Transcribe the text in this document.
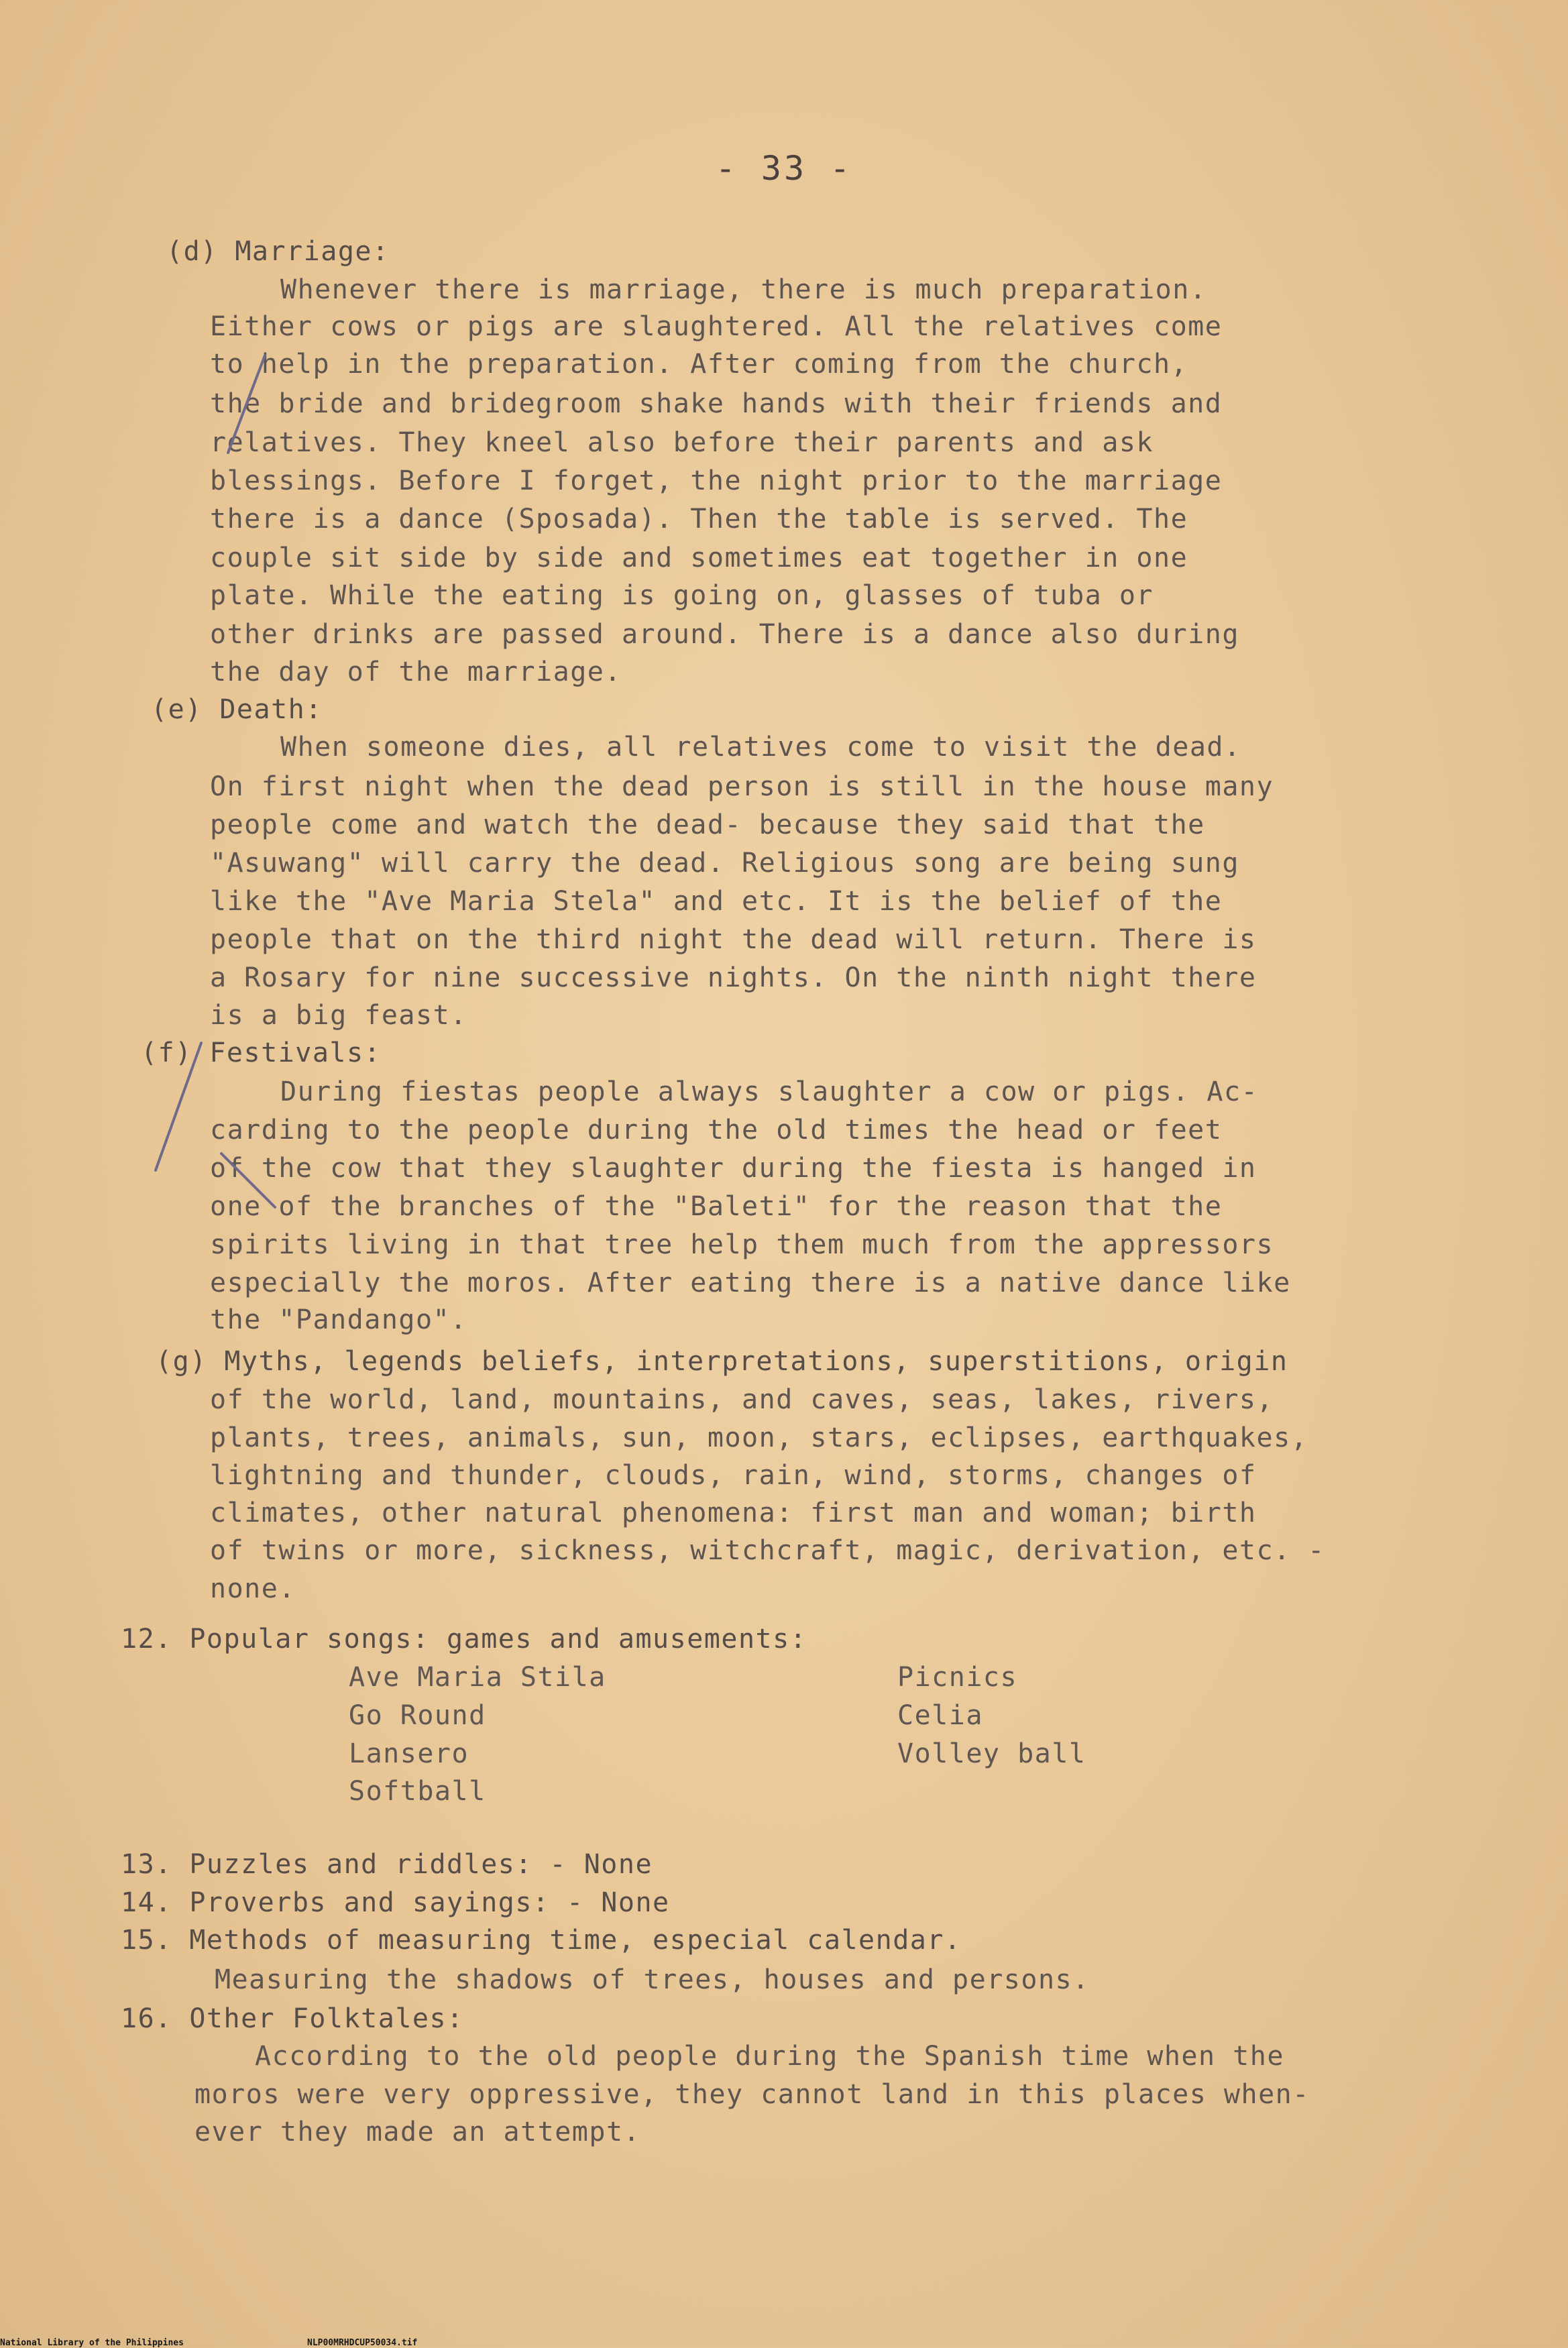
- 33 -
(d) Marriage:
Whenever there is marriage, there is much preparation.
Either cows or pigs are slaughtered. All the relatives come
to help in the preparation. After coming from the church,
the bride and bridegroom shake hands with their friends and
relatives. They kneel also before their parents and ask
blessings. Before I forget, the night prior to the marriage
there is a dance (Sposada). Then the table is served. The
couple sit side by side and sometimes eat together in one
plate. While the eating is going on, glasses of tuba or
other drinks are passed around. There is a dance also during
the day of the marriage.
(e) Death:
When someone dies, all relatives come to visit the dead.
On first night when the dead person is still in the house many
people come and watch the dead- because they said that the
"Asuwang" will carry the dead. Religious song are being sung
like the "Ave Maria Stela" and etc. It is the belief of the
people that on the third night the dead will return. There is
a Rosary for nine successive nights. On the ninth night there
is a big feast.
(f) Festivals:
During fiestas people always slaughter a cow or pigs. Ac-
carding to the people during the old times the head or feet
of the cow that they slaughter during the fiesta is hanged in
one of the branches of the "Baleti" for the reason that the
spirits living in that tree help them much from the appressors
especially the moros. After eating there is a native dance like
the "Pandango".
(g) Myths, legends beliefs, interpretations, superstitions, origin
of the world, land, mountains, and caves, seas, lakes, rivers,
plants, trees, animals, sun, moon, stars, eclipses, earthquakes,
lightning and thunder, clouds, rain, wind, storms, changes of
climates, other natural phenomena: first man and woman; birth
of twins or more, sickness, witchcraft, magic, derivation, etc. -
none.
12. Popular songs: games and amusements:
Ave Maria Stila
Go Round
Lansero
Softball
Picnics
Celia
Volley ball
13. Puzzles and riddles: - None
14. Proverbs and sayings: - None
15. Methods of measuring time, especial calendar.
Measuring the shadows of trees, houses and persons.
16. Other Folktales:
According to the old people during the Spanish time when the
moros were very oppressive, they cannot land in this places when-
ever they made an attempt.
National Library of the Philippines	NLP00MRHDCUP50034.tif
